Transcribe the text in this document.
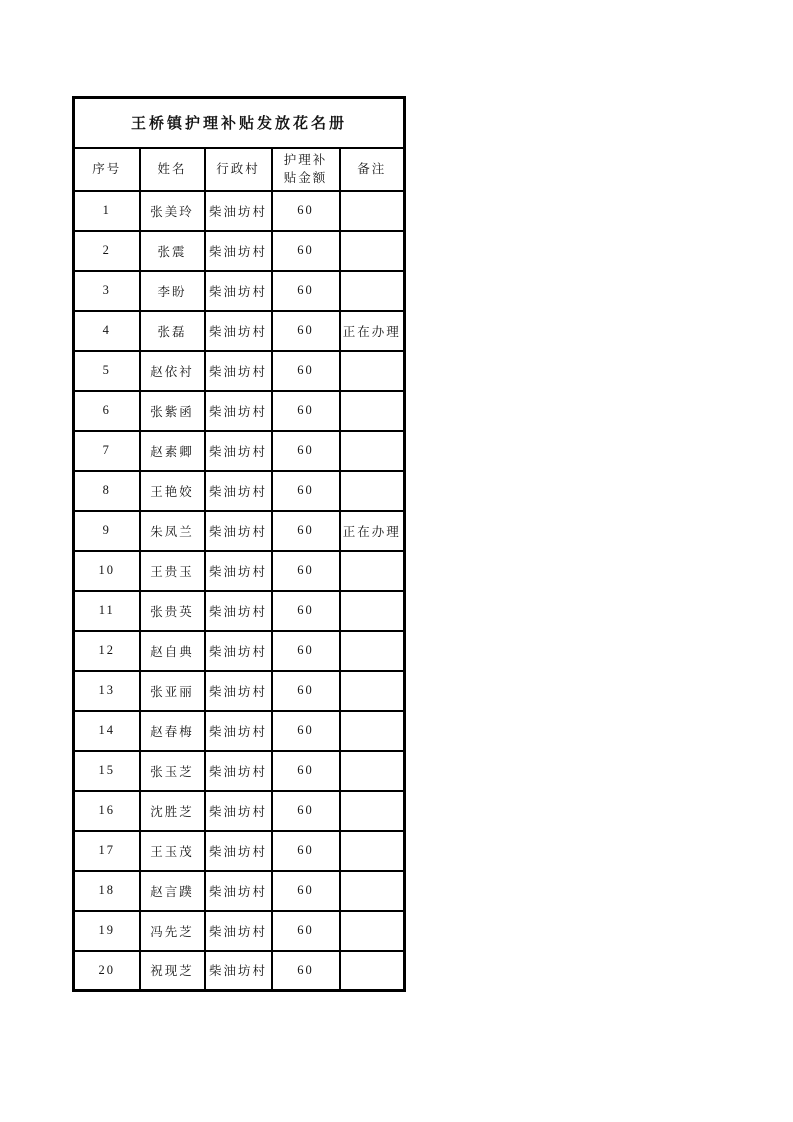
王桥镇护理补贴发放花名册				
序号	姓名	行政村	护理补贴金额	备注
1	张美玲	柴油坊村	60	
2	张震	柴油坊村	60	
3	李盼	柴油坊村	60	
4	张磊	柴油坊村	60	正在办理
5	赵依衬	柴油坊村	60	
6	张紫函	柴油坊村	60	
7	赵素卿	柴油坊村	60	
8	王艳姣	柴油坊村	60	
9	朱凤兰	柴油坊村	60	正在办理
10	王贵玉	柴油坊村	60	
11	张贵英	柴油坊村	60	
12	赵自典	柴油坊村	60	
13	张亚丽	柴油坊村	60	
14	赵春梅	柴油坊村	60	
15	张玉芝	柴油坊村	60	
16	沈胜芝	柴油坊村	60	
17	王玉茂	柴油坊村	60	
18	赵言蹼	柴油坊村	60	
19	冯先芝	柴油坊村	60	
20	祝现芝	柴油坊村	60	
